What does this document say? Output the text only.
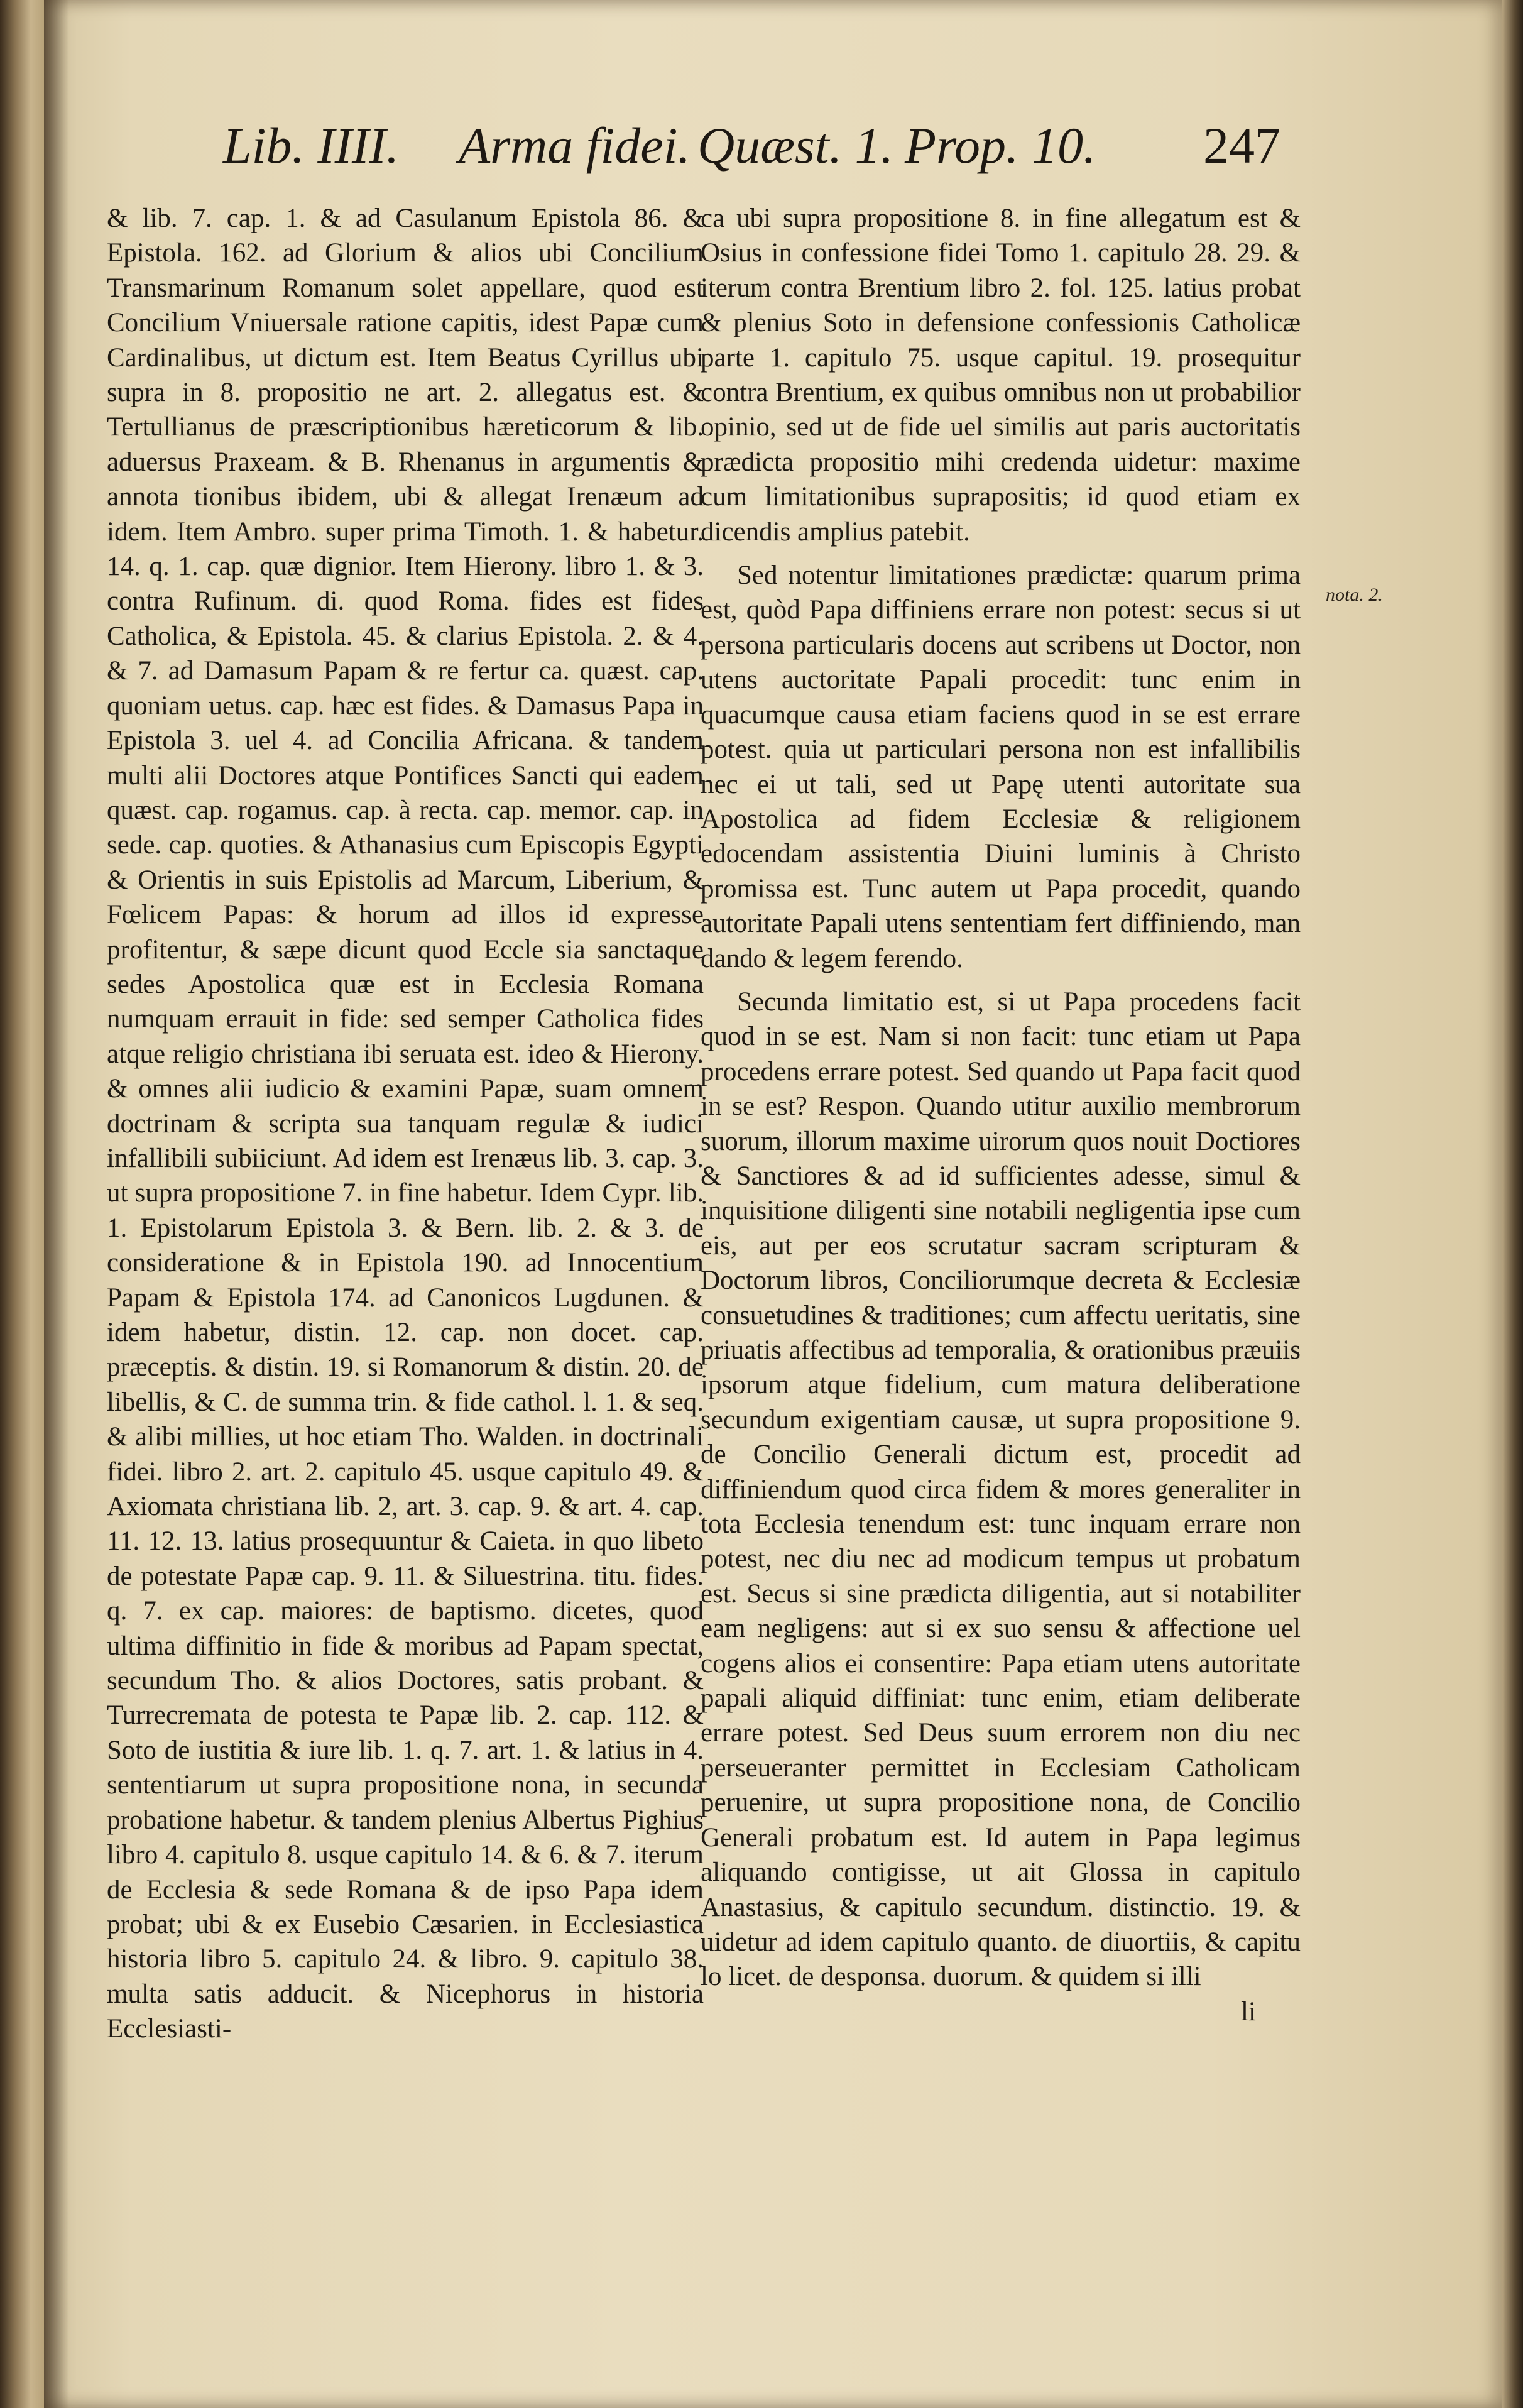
Lib. IIII. Arma fidei. Quæst. 1. Prop. 10. 247

& lib. 7. cap. 1. & ad Casulanum Epistola 86. & Epistola. 162. ad Glorium & alios ubi Concilium Transmarinum Romanum solet appellare, quod est Concilium Vniuersale ratione capitis, idest Papæ cum Cardinalibus, ut dictum est. Item Beatus Cyrillus ubi supra in 8. propositio ne art. 2. allegatus est. & Tertullianus de præscriptionibus hæreticorum & lib. aduersus Praxeam. & B. Rhenanus in argumentis & annota tionibus ibidem, ubi & allegat Irenæum ad idem. Item Ambro. super prima Timoth. 1. & habetur. 14. q. 1. cap. quæ dignior. Item Hierony. libro 1. & 3. contra Rufinum. di. quod Roma. fides est fides Catholica, & Epistola. 45. & clarius Epistola. 2. & 4. & 7. ad Damasum Papam & re fertur ca. quæst. cap. quoniam uetus. cap. hæc est fides. & Damasus Papa in Epistola 3. uel 4. ad Concilia Africana. & tandem multi alii Doctores atque Pontifices Sancti qui eadem quæst. cap. rogamus. cap. à recta. cap. memor. cap. in sede. cap. quoties. & Athanasius cum Episcopis Egypti & Orientis in suis Epistolis ad Marcum, Liberium, & Fœlicem Papas: & horum ad illos id expresse profitentur, & sæpe dicunt quod Eccle sia sanctaque sedes Apostolica quæ est in Ecclesia Romana numquam errauit in fide: sed semper Catholica fides atque religio christiana ibi seruata est. ideo & Hierony. & omnes alii iudicio & examini Papæ, suam omnem doctrinam & scripta sua tanquam regulæ & iudici infallibili subiiciunt. Ad idem est Irenæus lib. 3. cap. 3. ut supra propositione 7. in fine habetur. Idem Cypr. lib. 1. Epistolarum Epistola 3. & Bern. lib. 2. & 3. de consideratione & in Epistola 190. ad Innocentium Papam & Epistola 174. ad Canonicos Lugdunen. & idem habetur, distin. 12. cap. non docet. cap. præceptis. & distin. 19. si Romanorum & distin. 20. de libellis, & C. de summa trin. & fide cathol. l. 1. & seq. & alibi millies, ut hoc etiam Tho. Walden. in doctrinali fidei. libro 2. art. 2. capitulo 45. usque capitulo 49. & Axiomata christiana lib. 2, art. 3. cap. 9. & art. 4. cap. 11. 12. 13. latius prosequuntur & Caieta. in quo libeto de potestate Papæ cap. 9. 11. & Siluestrina. titu. fides. q. 7. ex cap. maiores: de baptismo. dicetes, quod ultima diffinitio in fide & moribus ad Papam spectat, secundum Tho. & alios Doctores, satis probant. & Turrecremata de potesta te Papæ lib. 2. cap. 112. & Soto de iustitia & iure lib. 1. q. 7. art. 1. & latius in 4. sententiarum ut supra propositione nona, in secunda probatione habetur. & tandem plenius Albertus Pighius libro 4. capitulo 8. usque capitulo 14. & 6. & 7. iterum de Ecclesia & sede Romana & de ipso Papa idem probat; ubi & ex Eusebio Cæsarien. in Ecclesiastica historia libro 5. capitulo 24. & libro. 9. capitulo 38. multa satis adducit. & Nicephorus in historia Ecclesiasti-

ca ubi supra propositione 8. in fine allegatum est & Osius in confessione fidei Tomo 1. capitulo 28. 29. & iterum contra Brentium libro 2. fol. 125. latius probat & plenius Soto in defensione confessionis Catholicæ parte 1. capitulo 75. usque capitul. 19. prosequitur contra Brentium, ex quibus omnibus non ut probabilior opinio, sed ut de fide uel similis aut paris auctoritatis prædicta propositio mihi credenda uidetur: maxime cum limitationibus suprapositis; id quod etiam ex dicendis amplius patebit.

Sed notentur limitationes prædictæ: quarum prima est, quòd Papa diffiniens errare non potest: secus si ut persona particularis docens aut scribens ut Doctor, non utens auctoritate Papali procedit: tunc enim in quacumque causa etiam faciens quod in se est errare potest. quia ut particulari persona non est infallibilis nec ei ut tali, sed ut Papę utenti autoritate sua Apostolica ad fidem Ecclesiæ & religionem edocendam assistentia Diuini luminis à Christo promissa est. Tunc autem ut Papa procedit, quando autoritate Papali utens sententiam fert diffiniendo, man dando & legem ferendo.

Secunda limitatio est, si ut Papa procedens facit quod in se est. Nam si non facit: tunc etiam ut Papa procedens errare potest. Sed quando ut Papa facit quod in se est? Respon. Quando utitur auxilio membrorum suorum, illorum maxime uirorum quos nouit Doctiores & Sanctiores & ad id sufficientes adesse, simul & inquisitione diligenti sine notabili negligentia ipse cum eis, aut per eos scrutatur sacram scripturam & Doctorum libros, Conciliorumque decreta & Ecclesiæ consuetudines & traditiones; cum affectu ueritatis, sine priuatis affectibus ad temporalia, & orationibus præuiis ipsorum atque fidelium, cum matura deliberatione secundum exigentiam causæ, ut supra propositione 9. de Concilio Generali dictum est, procedit ad diffiniendum quod circa fidem & mores generaliter in tota Ecclesia tenendum est: tunc inquam errare non potest, nec diu nec ad modicum tempus ut probatum est. Secus si sine prædicta diligentia, aut si notabiliter eam negligens: aut si ex suo sensu & affectione uel cogens alios ei consentire: Papa etiam utens autoritate papali aliquid diffiniat: tunc enim, etiam deliberate errare potest. Sed Deus suum errorem non diu nec perseueranter permittet in Ecclesiam Catholicam peruenire, ut supra propositione nona, de Concilio Generali probatum est. Id autem in Papa legimus aliquando contigisse, ut ait Glossa in capitulo Anastasius, & capitulo secundum. distinctio. 19. & uidetur ad idem capitulo quanto. de diuortiis, & capitu lo licet. de desponsa. duorum. & quidem si illi

li

nota. 2.
